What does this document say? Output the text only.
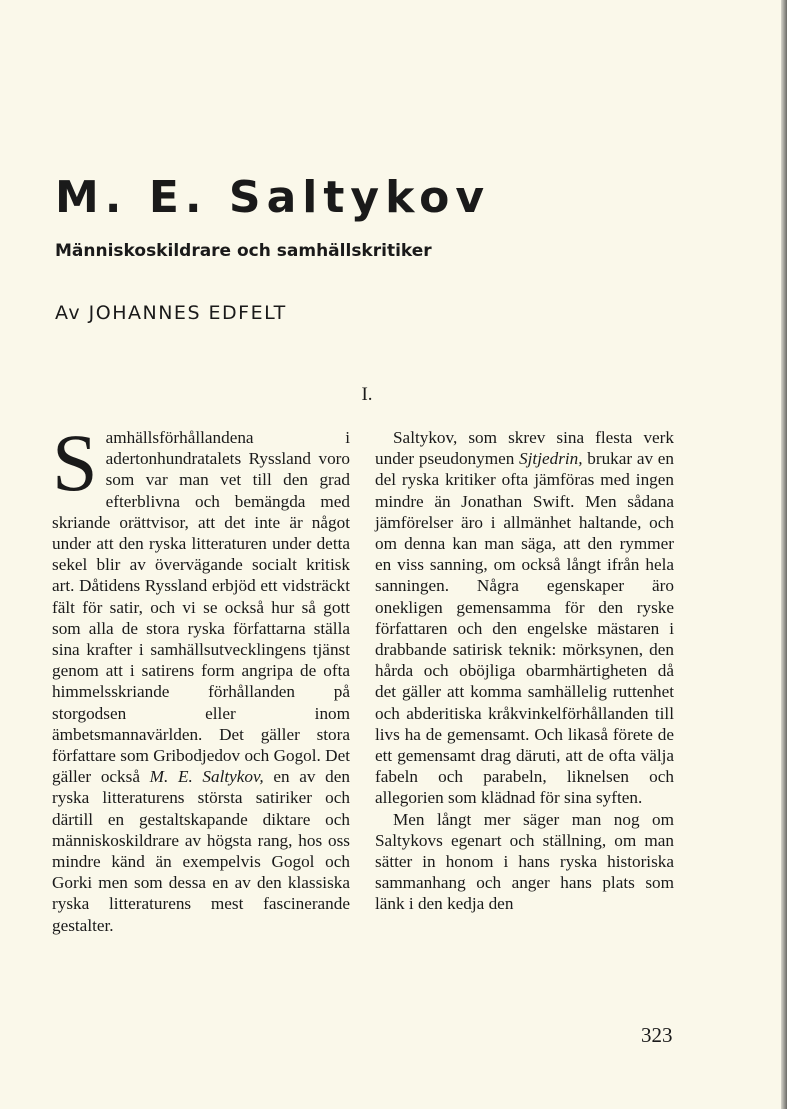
M. E. Saltykov
Människoskildrare och samhällskritiker
Av JOHANNES EDFELT
I.

Samhällsförhållandena i adertonhundratalets Ryssland voro som var man vet till den grad efterblivna och bemängda med skriande orättvisor, att det inte är något under att den ryska litteraturen under detta sekel blir av övervägande socialt kritisk art. Dåtidens Ryssland erbjöd ett vidsträckt fält för satir, och vi se också hur så gott som alla de stora ryska författarna ställa sina krafter i samhällsutvecklingens tjänst genom att i satirens form angripa de ofta himmelsskriande förhållanden på storgodsen eller inom ämbetsmannavärlden. Det gäller stora författare som Gribodjedov och Gogol. Det gäller också M. E. Saltykov, en av den ryska litteraturens största satiriker och därtill en gestaltskapande diktare och människoskildrare av högsta rang, hos oss mindre känd än exempelvis Gogol och Gorki men som dessa en av den klassiska ryska litteraturens mest fascinerande gestalter.

Saltykov, som skrev sina flesta verk under pseudonymen Sjtjedrin, brukar av en del ryska kritiker ofta jämföras med ingen mindre än Jonathan Swift. Men sådana jämförelser äro i allmänhet haltande, och om denna kan man säga, att den rymmer en viss sanning, om också långt ifrån hela sanningen. Några egenskaper äro onekligen gemensamma för den ryske författaren och den engelske mästaren i drabbande satirisk teknik: mörksynen, den hårda och oböjliga obarmhärtigheten då det gäller att komma samhällelig ruttenhet och abderitiska kråkvinkelförhållanden till livs ha de gemensamt. Och likaså förete de ett gemensamt drag däruti, att de ofta välja fabeln och parabeln, liknelsen och allegorien som klädnad för sina syften.

Men långt mer säger man nog om Saltykovs egenart och ställning, om man sätter in honom i hans ryska historiska sammanhang och anger hans plats som länk i den kedja den

323
